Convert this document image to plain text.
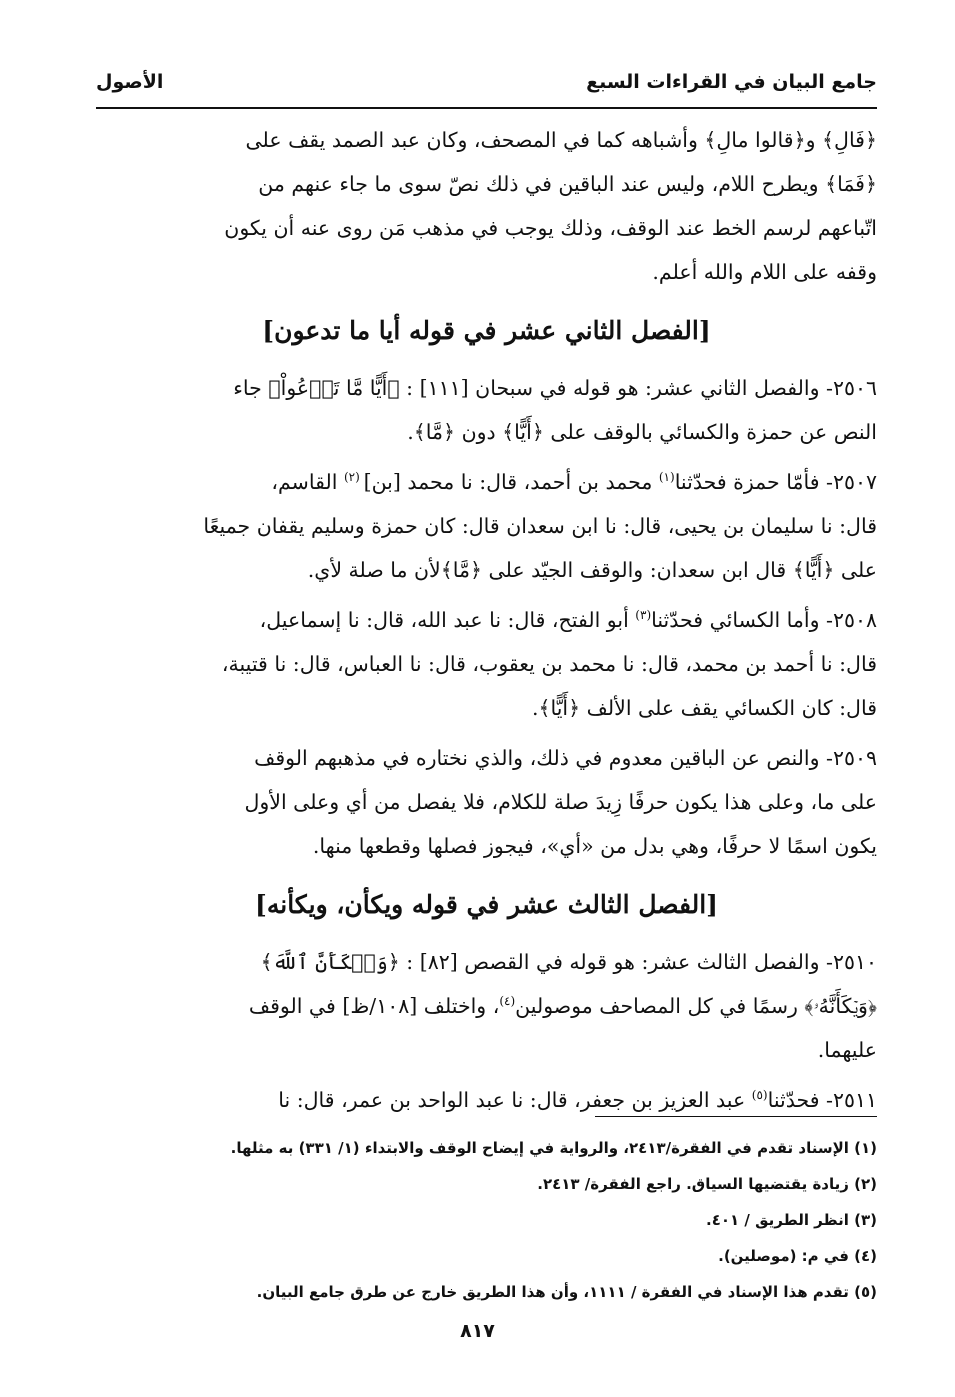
جامع البيان في القراءات السبع
الأصول

﴿فَالِ﴾ و﴿قالوا مالِ﴾ وأشباهه كما في المصحف، وكان عبد الصمد يقف على

﴿فَمَا﴾ ويطرح اللام، وليس عند الباقين في ذلك نصّ سوى ما جاء عنهم من

اتّباعهم لرسم الخط عند الوقف، وذلك يوجب في مذهب مَن روى عنه أن يكون

وقفه على اللام والله أعلم.

[الفصل الثاني عشر في قوله أيا ما تدعون]

٢٥٠٦- والفصل الثاني عشر: هو قوله في سبحان [١١١] : ﴿أَيًّا مَّا تَدۡعُواْ﴾ جاء

النص عن حمزة والكسائي بالوقف على ﴿أَيًّا﴾ دون ﴿مَّا﴾.

٢٥٠٧- فأمّا حمزة فحدّثنا$^{(١)}$ محمد بن أحمد، قال: نا محمد [بن] $^{(٢)}$ القاسم،

قال: نا سليمان بن يحيى، قال: نا ابن سعدان قال: كان حمزة وسليم يقفان جميعًا

على ﴿أَيًّا﴾ قال ابن سعدان: والوقف الجيّد على ﴿مَّا﴾لأن ما صلة لأي.

٢٥٠٨- وأما الكسائي فحدّثنا$^{(٣)}$ أبو الفتح، قال: نا عبد الله، قال: نا إسماعيل،

قال: نا أحمد بن محمد، قال: نا محمد بن يعقوب، قال: نا العباس، قال: نا قتيبة،

قال: كان الكسائي يقف على الألف ﴿أَيًّا﴾.

٢٥٠٩- والنص عن الباقين معدوم في ذلك، والذي نختاره في مذهبهم الوقف

على ما، وعلى هذا يكون حرفًا زِيدَ صلة للكلام، فلا يفصل من أي وعلى الأول

يكون اسمًا لا حرفًا، وهي بدل من «أي»، فيجوز فصلها وقطعها منها.

[الفصل الثالث عشر في قوله ويكأن، ويكأنه]

٢٥١٠- والفصل الثالث عشر: هو قوله في القصص [٨٢] : ﴿وَيۡكَأَنَّ ٱللَّهَ﴾

﴿وَيۡكَأَنَّهُۥ﴾ رسمًا في كل المصاحف موصولين$^{(٤)}$، واختلف [١٠٨/ظ] في الوقف

عليهما.

٢٥١١- فحدّثنا$^{(٥)}$ عبد العزيز بن جعفر، قال: نا عبد الواحد بن عمر، قال: نا

(١) الإسناد تقدم في الفقرة/٢٤١٣، والرواية في إيضاح الوقف والابتداء (١/ ٣٣١) به مثلها.
(٢) زيادة يقتضيها السياق. راجع الفقرة/ ٢٤١٣.
(٣) انظر الطريق / ٤٠١.
(٤) في م: (موصلين).
(٥) تقدم هذا الإسناد في الفقرة / ١١١١، وأن هذا الطريق خارج عن طرق جامع البيان.
٨١٧
